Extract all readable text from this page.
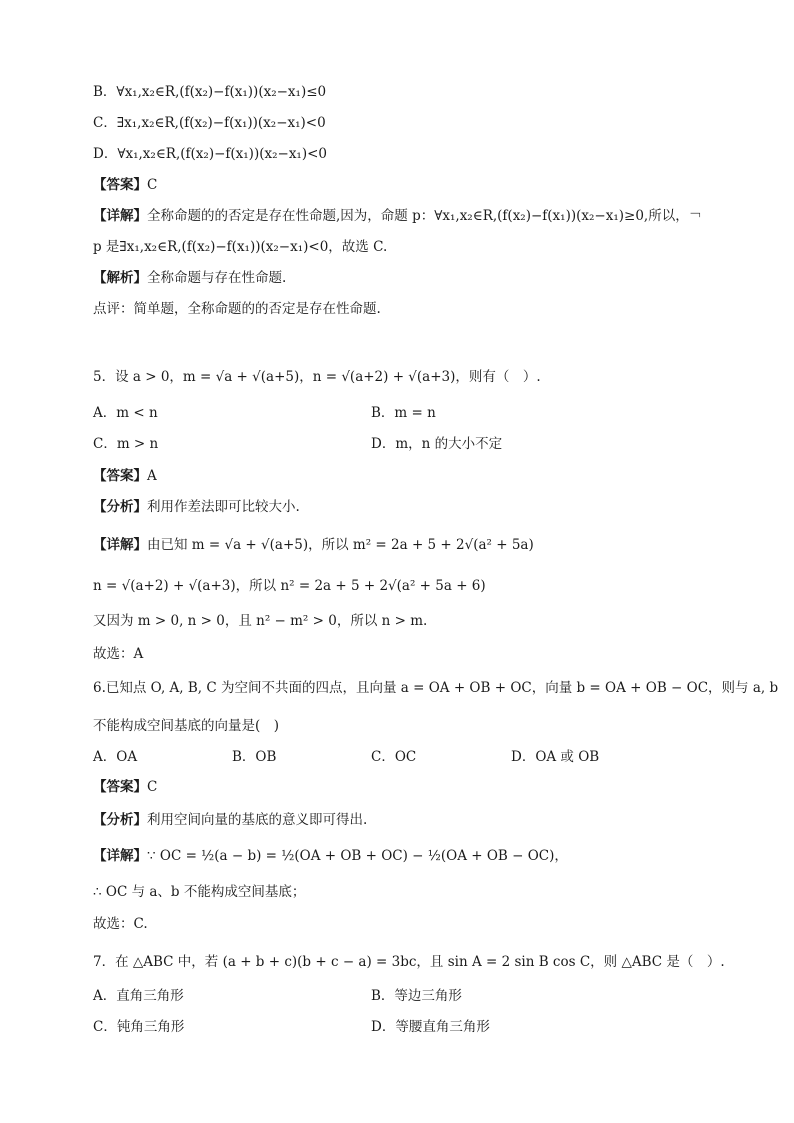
B．∀x₁,x₂∈R,(f(x₂)−f(x₁))(x₂−x₁)≤0
C．∃x₁,x₂∈R,(f(x₂)−f(x₁))(x₂−x₁)<0
D．∀x₁,x₂∈R,(f(x₂)−f(x₁))(x₂−x₁)<0
【答案】C
【详解】全称命题的的否定是存在性命题,因为，命题 p：∀x₁,x₂∈R,(f(x₂)−f(x₁))(x₂−x₁)≥0,所以，￢
p 是∃x₁,x₂∈R,(f(x₂)−f(x₁))(x₂−x₁)<0，故选 C.
【解析】全称命题与存在性命题.
点评：简单题，全称命题的的否定是存在性命题.
5．设 a > 0，m = √a + √(a+5)，n = √(a+2) + √(a+3)，则有（　）.
A．m < n	B．m = n
C．m > n	D．m，n 的大小不定
【答案】A
【分析】利用作差法即可比较大小.
【详解】由已知 m = √a + √(a+5)，所以 m² = 2a + 5 + 2√(a² + 5a)
n = √(a+2) + √(a+3)，所以 n² = 2a + 5 + 2√(a² + 5a + 6)
又因为 m > 0, n > 0，且 n² − m² > 0，所以 n > m.
故选：A
6.已知点 O, A, B, C 为空间不共面的四点，且向量 a = OA + OB + OC，向量 b = OA + OB − OC，则与 a, b
不能构成空间基底的向量是(　)
A．OA	B．OB	C．OC	D．OA 或 OB
【答案】C
【分析】利用空间向量的基底的意义即可得出.
【详解】∵ OC = ½(a − b) = ½(OA + OB + OC) − ½(OA + OB − OC)，
∴ OC 与 a、b 不能构成空间基底；
故选：C.
7．在 △ABC 中，若 (a + b + c)(b + c − a) = 3bc，且 sin A = 2 sin B cos C，则 △ABC 是（　）.
A．直角三角形	B．等边三角形
C．钝角三角形	D．等腰直角三角形
